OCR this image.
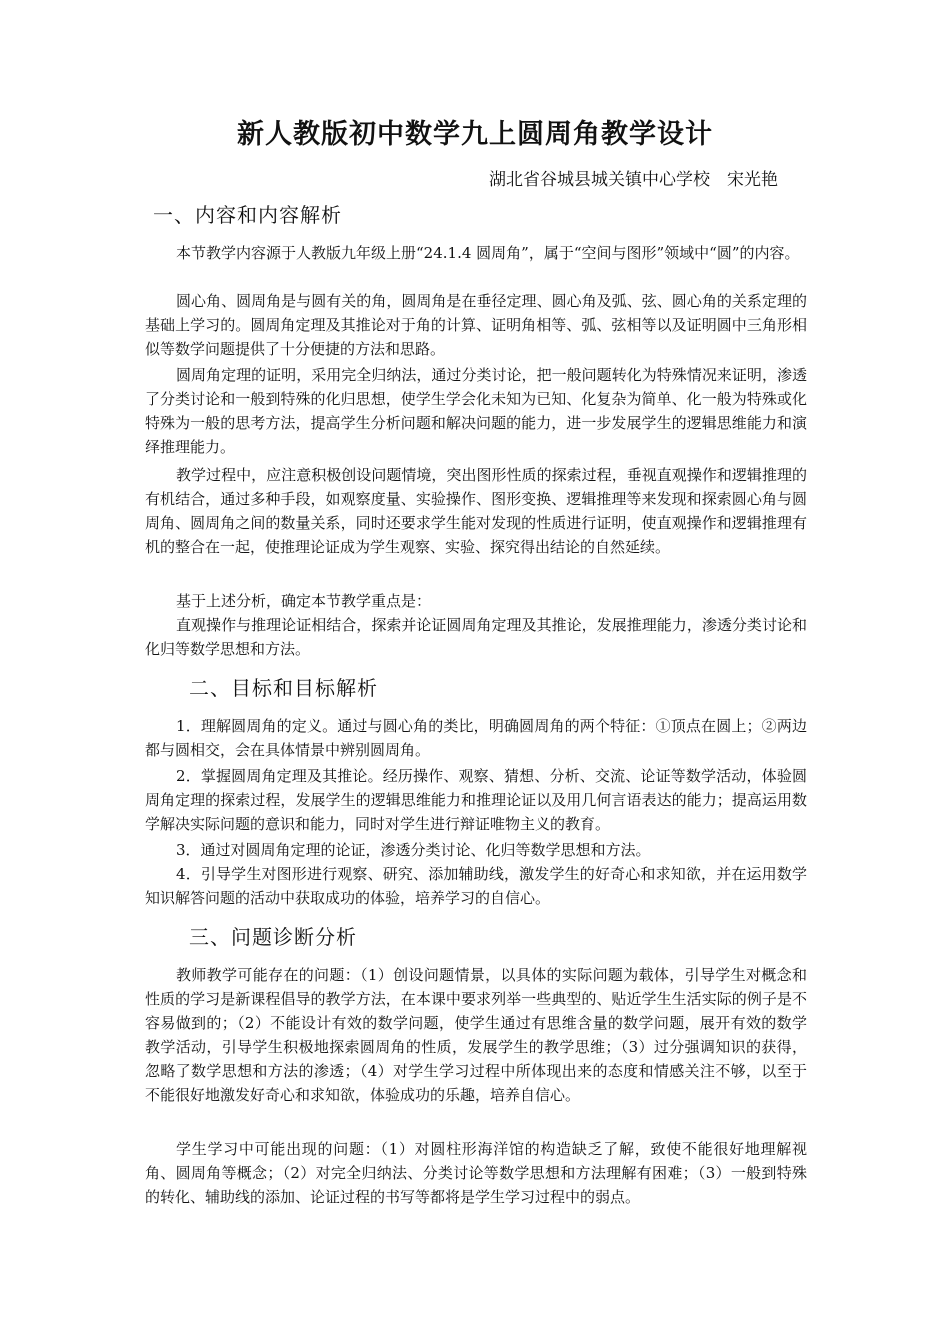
新人教版初中数学九上圆周角教学设计
湖北省谷城县城关镇中心学校　宋光艳
一、内容和内容解析

本节教学内容源于人教版九年级上册“24.1.4 圆周角”，属于“空间与图形”领域中“圆”的内容。

圆心角、圆周角是与圆有关的角，圆周角是在垂径定理、圆心角及弧、弦、圆心角的关系定理的基础上学习的。圆周角定理及其推论对于角的计算、证明角相等、弧、弦相等以及证明圆中三角形相似等数学问题提供了十分便捷的方法和思路。

圆周角定理的证明，采用完全归纳法，通过分类讨论，把一般问题转化为特殊情况来证明，渗透了分类讨论和一般到特殊的化归思想，使学生学会化未知为已知、化复杂为简单、化一般为特殊或化特殊为一般的思考方法，提高学生分析问题和解决问题的能力，进一步发展学生的逻辑思维能力和演绎推理能力。

教学过程中，应注意积极创设问题情境，突出图形性质的探索过程，垂视直观操作和逻辑推理的有机结合，通过多种手段，如观察度量、实验操作、图形变换、逻辑推理等来发现和探索圆心角与圆周角、圆周角之间的数量关系，同时还要求学生能对发现的性质进行证明，使直观操作和逻辑推理有机的整合在一起，使推理论证成为学生观察、实验、探究得出结论的自然延续。

基于上述分析，确定本节教学重点是：

直观操作与推理论证相结合，探索并论证圆周角定理及其推论，发展推理能力，渗透分类讨论和化归等数学思想和方法。

二、目标和目标解析

1．理解圆周角的定义。通过与圆心角的类比，明确圆周角的两个特征：①顶点在圆上；②两边都与圆相交，会在具体情景中辨别圆周角。

2．掌握圆周角定理及其推论。经历操作、观察、猜想、分析、交流、论证等数学活动，体验圆周角定理的探索过程，发展学生的逻辑思维能力和推理论证以及用几何言语表达的能力；提高运用数学解决实际问题的意识和能力，同时对学生进行辩证唯物主义的教育。

3．通过对圆周角定理的论证，渗透分类讨论、化归等数学思想和方法。

4．引导学生对图形进行观察、研究、添加辅助线，激发学生的好奇心和求知欲，并在运用数学知识解答问题的活动中获取成功的体验，培养学习的自信心。

三、问题诊断分析

教师教学可能存在的问题：（1）创设问题情景，以具体的实际问题为载体，引导学生对概念和性质的学习是新课程倡导的教学方法，在本课中要求列举一些典型的、贴近学生生活实际的例子是不容易做到的；（2）不能设计有效的数学问题，使学生通过有思维含量的数学问题，展开有效的数学教学活动，引导学生积极地探索圆周角的性质，发展学生的教学思维；（3）过分强调知识的获得，忽略了数学思想和方法的渗透；（4）对学生学习过程中所体现出来的态度和情感关注不够，以至于不能很好地激发好奇心和求知欲，体验成功的乐趣，培养自信心。

学生学习中可能出现的问题：（1）对圆柱形海洋馆的构造缺乏了解，致使不能很好地理解视角、圆周角等概念；（2）对完全归纳法、分类讨论等数学思想和方法理解有困难；（3）一般到特殊的转化、辅助线的添加、论证过程的书写等都将是学生学习过程中的弱点。
